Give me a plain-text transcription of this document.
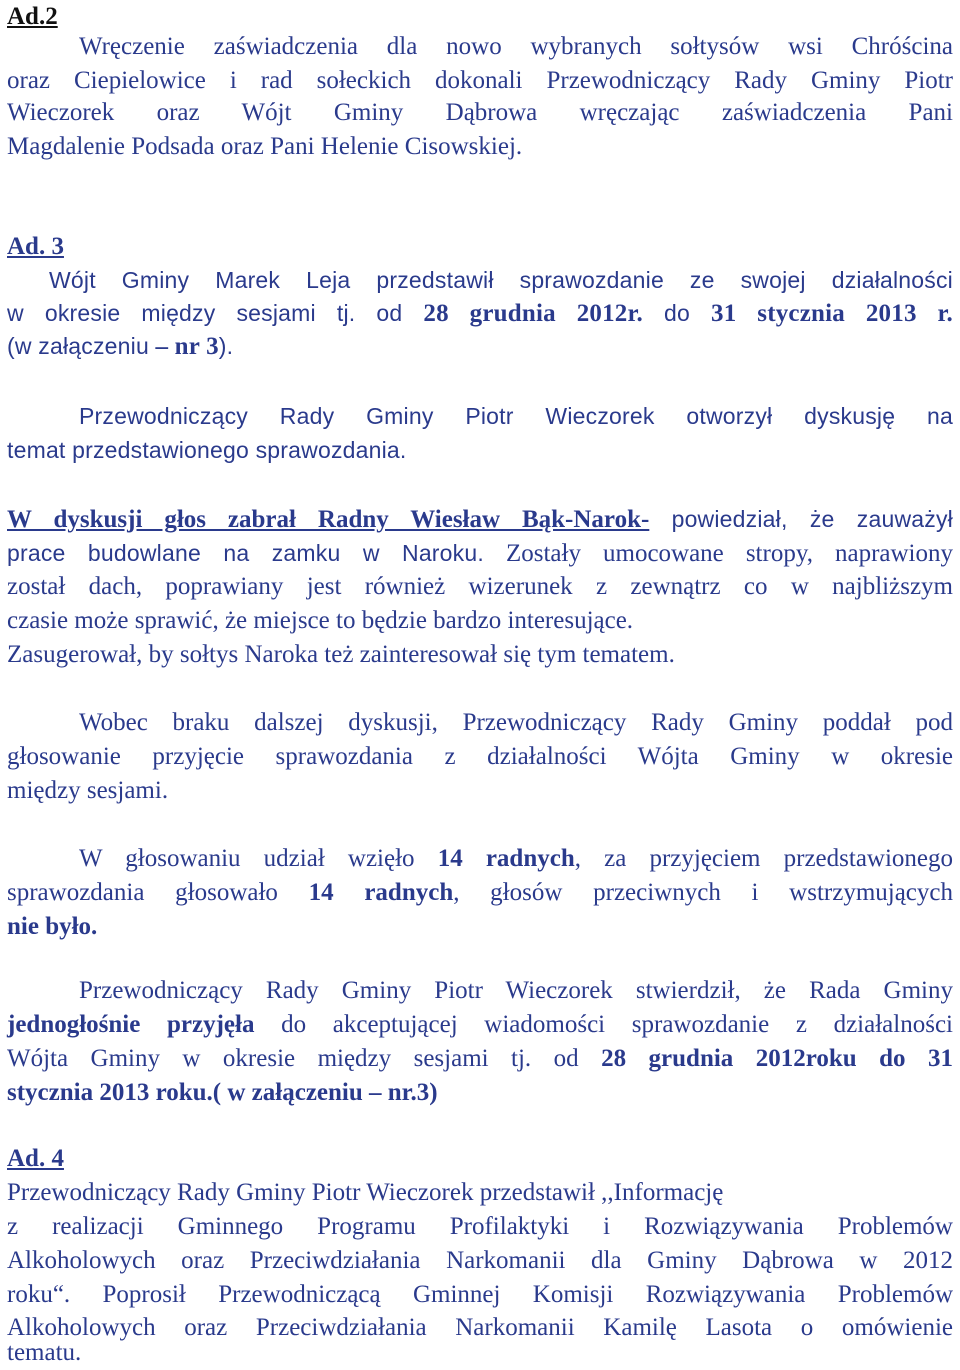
Ad.2
Wręczenie zaświadczenia dla nowo wybranych sołtysów wsi Chróścina
oraz Ciepielowice i rad sołeckich dokonali Przewodniczący Rady Gminy Piotr
Wieczorek oraz Wójt Gminy Dąbrowa wręczając zaświadczenia Pani
Magdalenie Podsada oraz Pani Helenie Cisowskiej.
Ad. 3
Wójt Gminy Marek Leja przedstawił sprawozdanie ze swojej działalności
w okresie między sesjami tj. od 28 grudnia 2012r. do 31 stycznia 2013 r.
(w załączeniu – nr 3).
Przewodniczący Rady Gminy Piotr Wieczorek otworzył dyskusję na
temat przedstawionego sprawozdania.
W dyskusji głos zabrał Radny Wiesław Bąk-Narok- powiedział, że zauważył
prace budowlane na zamku w Naroku. Zostały umocowane stropy, naprawiony
został dach, poprawiany jest również wizerunek z zewnątrz co w najbliższym
czasie może sprawić, że miejsce to będzie bardzo interesujące.
Zasugerował, by sołtys Naroka też zainteresował się tym tematem.
Wobec braku dalszej dyskusji, Przewodniczący Rady Gminy poddał pod
głosowanie przyjęcie sprawozdania z działalności Wójta Gminy w okresie
między sesjami.
W głosowaniu udział wzięło 14 radnych, za przyjęciem przedstawionego
sprawozdania głosowało 14 radnych, głosów przeciwnych i wstrzymujących
nie było.
Przewodniczący Rady Gminy Piotr Wieczorek stwierdził, że Rada Gminy
jednogłośnie przyjęła do akceptującej wiadomości sprawozdanie z działalności
Wójta Gminy w okresie między sesjami tj. od 28 grudnia 2012roku do 31
stycznia 2013 roku.( w załączeniu – nr.3)
Ad. 4
Przewodniczący Rady Gminy Piotr Wieczorek przedstawił ,,Informację
z realizacji Gminnego Programu Profilaktyki i Rozwiązywania Problemów
Alkoholowych oraz Przeciwdziałania Narkomanii dla Gminy Dąbrowa w 2012
roku“. Poprosił Przewodniczącą Gminnej Komisji Rozwiązywania Problemów
Alkoholowych oraz Przeciwdziałania Narkomanii Kamilę Lasota o omówienie
tematu.
